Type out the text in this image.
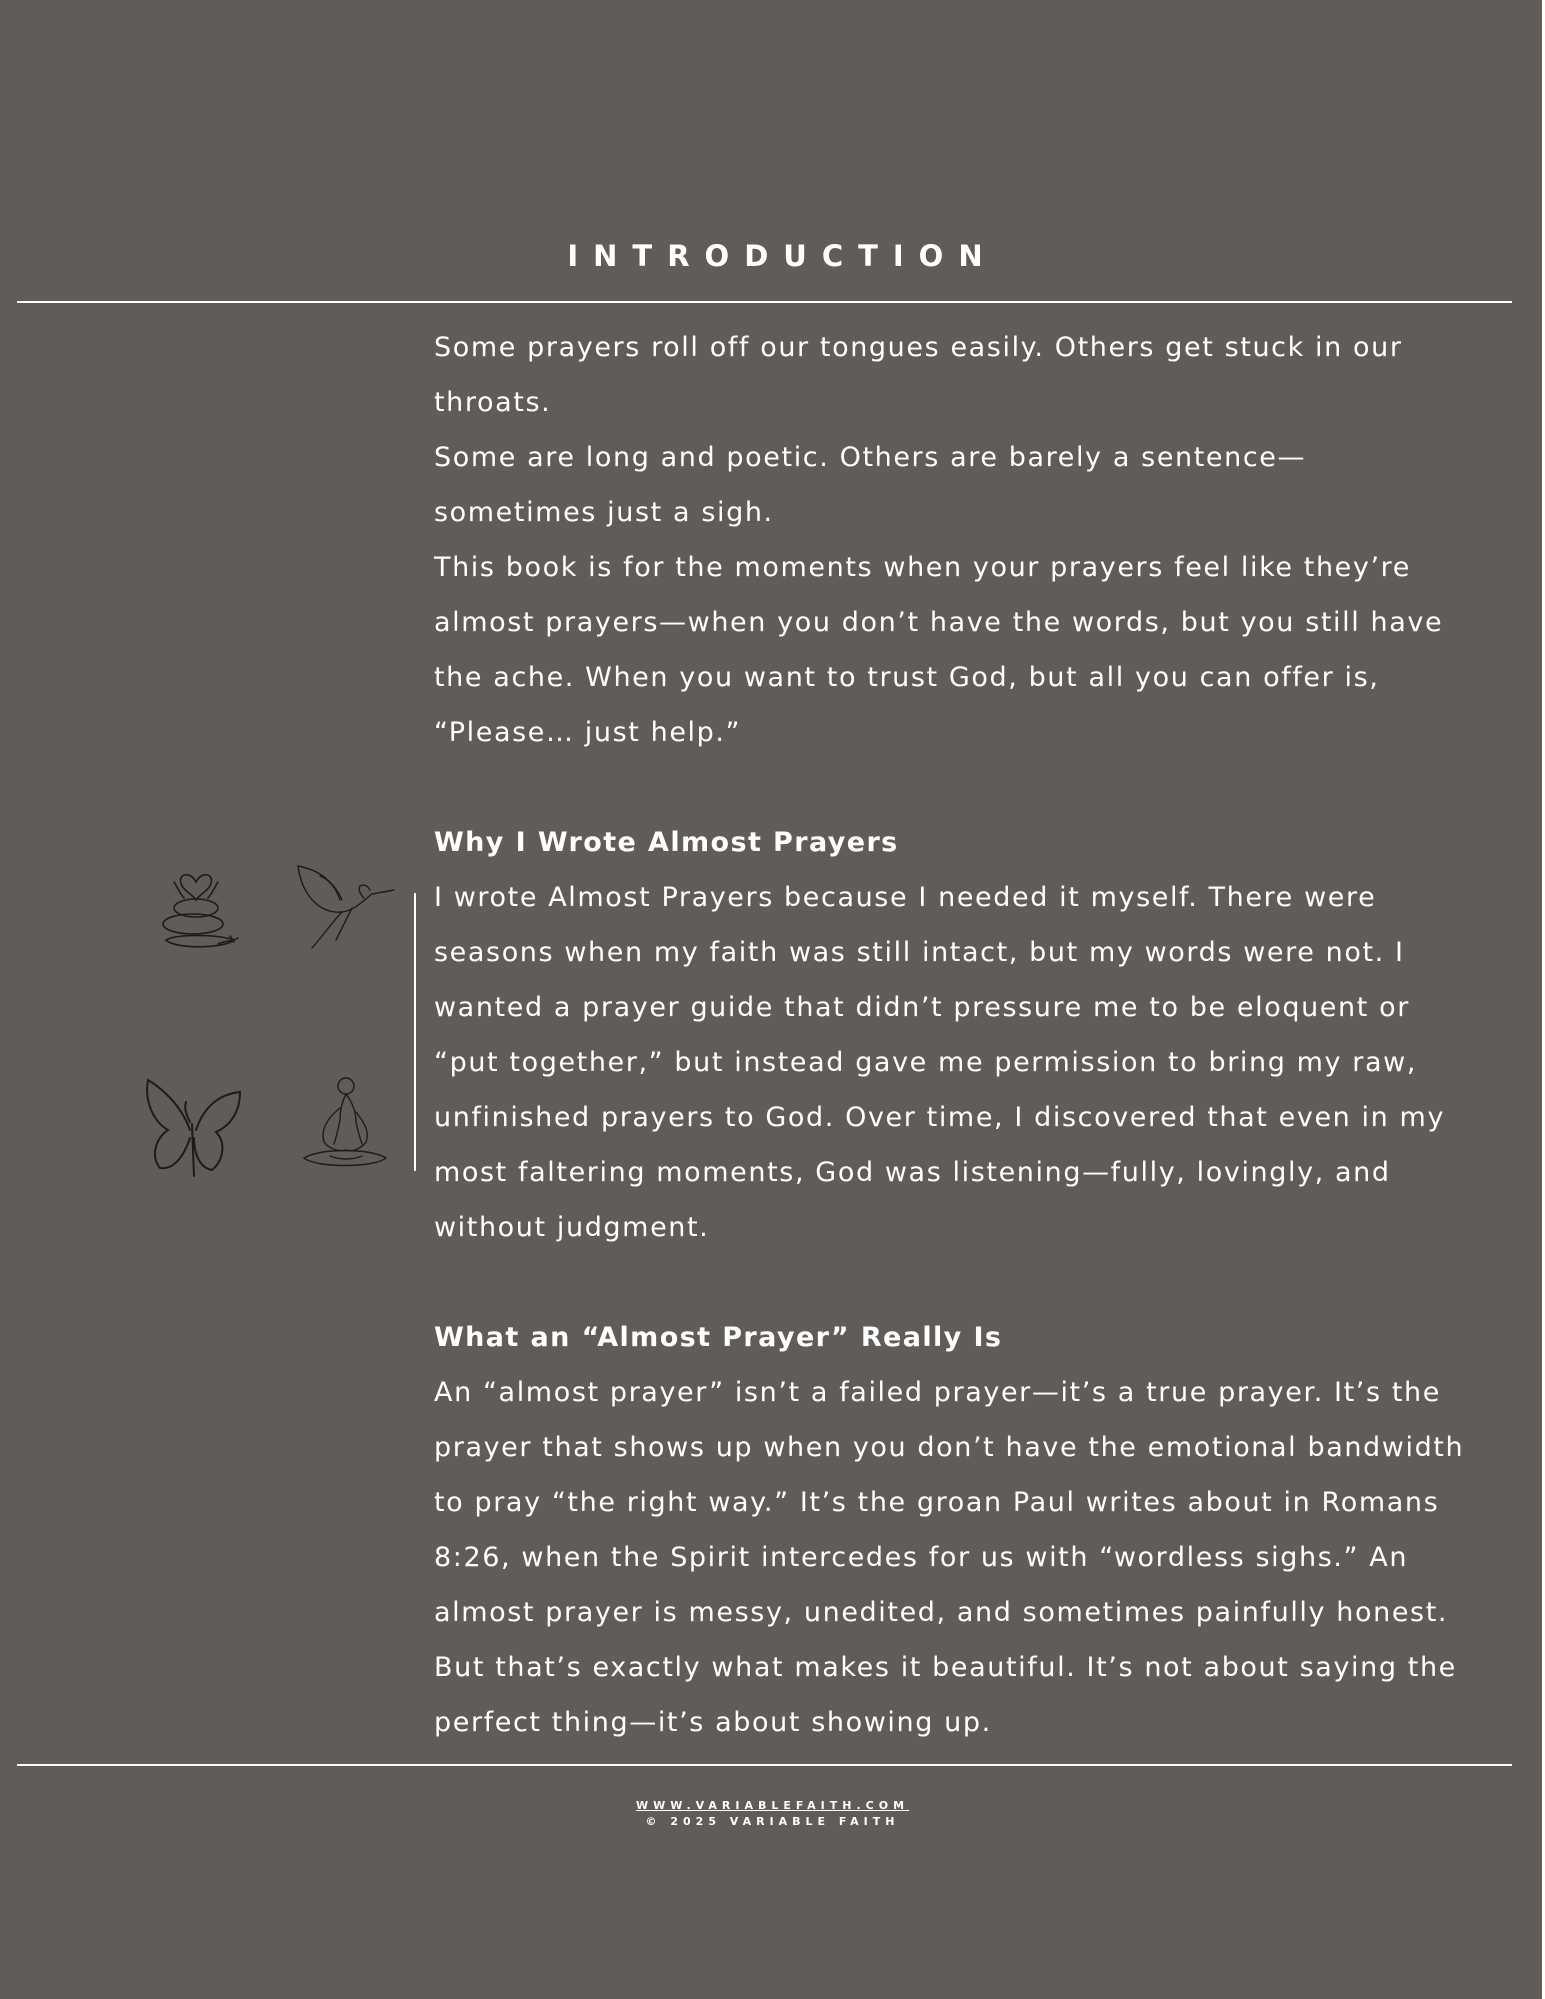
INTRODUCTION
Some prayers roll off our tongues easily. Others get stuck in our
throats.
Some are long and poetic. Others are barely a sentence—
sometimes just a sigh.
This book is for the moments when your prayers feel like they’re
almost prayers—when you don’t have the words, but you still have
the ache. When you want to trust God, but all you can offer is,
“Please… just help.”
Why I Wrote Almost Prayers
I wrote Almost Prayers because I needed it myself. There were
seasons when my faith was still intact, but my words were not. I
wanted a prayer guide that didn’t pressure me to be eloquent or
“put together,” but instead gave me permission to bring my raw,
unfinished prayers to God. Over time, I discovered that even in my
most faltering moments, God was listening—fully, lovingly, and
without judgment.
What an “Almost Prayer” Really Is
An “almost prayer” isn’t a failed prayer—it’s a true prayer. It’s the
prayer that shows up when you don’t have the emotional bandwidth
to pray “the right way.” It’s the groan Paul writes about in Romans
8:26, when the Spirit intercedes for us with “wordless sighs.” An
almost prayer is messy, unedited, and sometimes painfully honest.
But that’s exactly what makes it beautiful. It’s not about saying the
perfect thing—it’s about showing up.
WWW.VARIABLEFAITH.COM
© 2025 VARIABLE FAITH
